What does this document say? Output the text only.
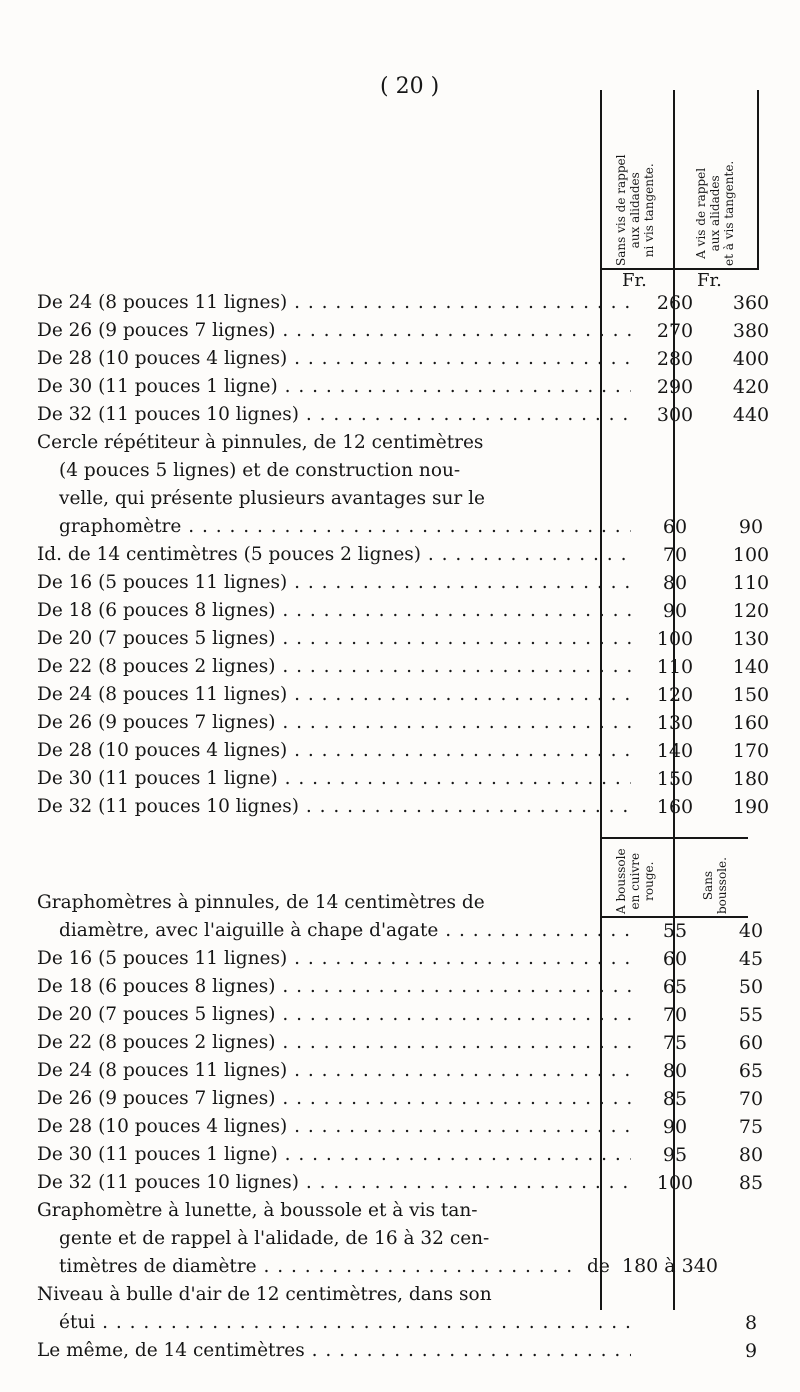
( 20 )
Sans vis de rappel aux alidades ni vis tangente.	A vis de rappel aux alidades et à vis tangente.
A boussole en cuivre rouge.	Sans boussole.
Fr.	Fr.
De 24 (8 pouces 11 lignes) . . .	260	360
De 26 (9 pouces 7 lignes) . . .	270	380
De 28 (10 pouces 4 lignes) . . .	280	400
De 30 (11 pouces 1 ligne) . . .	290	420
De 32 (11 pouces 10 lignes) . . .	300	440
Cercle répétiteur à pinnules, de 12 centimètres
(4 pouces 5 lignes) et de construction nou-
velle, qui présente plusieurs avantages sur le
graphomètre . . .	60	90
Id. de 14 centimètres (5 pouces 2 lignes) . . .	70	100
De 16 (5 pouces 11 lignes) . . .	80	110
De 18 (6 pouces 8 lignes) . . .	90	120
De 20 (7 pouces 5 lignes) . . .	100	130
De 22 (8 pouces 2 lignes) . . .	110	140
De 24 (8 pouces 11 lignes) . . .	120	150
De 26 (9 pouces 7 lignes) . . .	130	160
De 28 (10 pouces 4 lignes) . . .	140	170
De 30 (11 pouces 1 ligne) . . .	150	180
De 32 (11 pouces 10 lignes) . . .	160	190
Graphomètres à pinnules, de 14 centimètres de
diamètre, avec l'aiguille à chape d'agate . . .	55	40
De 16 (5 pouces 11 lignes) . . .	60	45
De 18 (6 pouces 8 lignes) . . .	65	50
De 20 (7 pouces 5 lignes) . . .	70	55
De 22 (8 pouces 2 lignes) . . .	75	60
De 24 (8 pouces 11 lignes) . . .	80	65
De 26 (9 pouces 7 lignes) . . .	85	70
De 28 (10 pouces 4 lignes) . . .	90	75
De 30 (11 pouces 1 ligne) . . .	95	80
De 32 (11 pouces 10 lignes) . . .	100	85
Graphomètre à lunette, à boussole et à vis tan-
gente et de rappel à l'alidade, de 16 à 32 cen-
timètres de diamètre . . .	de 180 à 340
Niveau à bulle d'air de 12 centimètres, dans son
étui . . .	8
Le même, de 14 centimètres . . .	9
